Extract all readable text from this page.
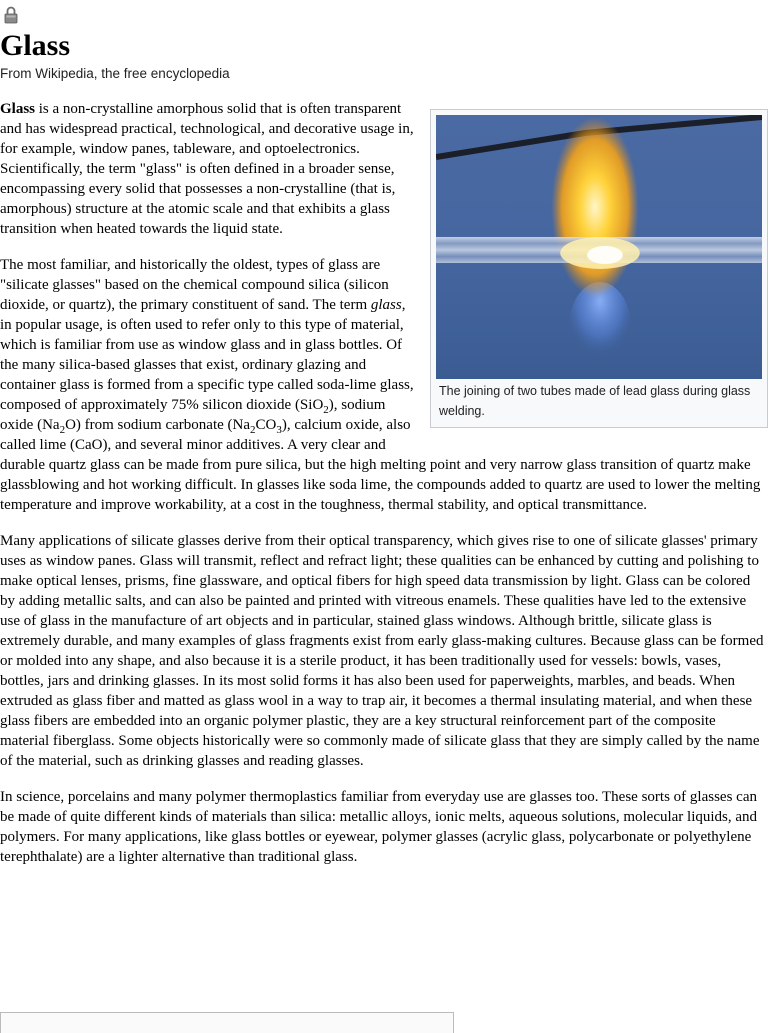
Glass
From Wikipedia, the free encyclopedia
The joining of two tubes made of lead glass during glass welding.

Glass is a non-crystalline amorphous solid that is often transparent and has widespread practical, technological, and decorative usage in, for example, window panes, tableware, and optoelectronics. Scientifically, the term "glass" is often defined in a broader sense, encompassing every solid that possesses a non-crystalline (that is, amorphous) structure at the atomic scale and that exhibits a glass transition when heated towards the liquid state.

The most familiar, and historically the oldest, types of glass are "silicate glasses" based on the chemical compound silica (silicon dioxide, or quartz), the primary constituent of sand. The term glass, in popular usage, is often used to refer only to this type of material, which is familiar from use as window glass and in glass bottles. Of the many silica-based glasses that exist, ordinary glazing and container glass is formed from a specific type called soda-lime glass, composed of approximately 75% silicon dioxide (SiO$_2$), sodium oxide $(Na_2O)$ from sodium carbonate $(Na_2CO_3)$, calcium oxide, also called lime (CaO), and several minor additives. A very clear and durable quartz glass can be made from pure silica, but the high melting point and very narrow glass transition of quartz make glassblowing and hot working difficult. In glasses like soda lime, the compounds added to quartz are used to lower the melting temperature and improve workability, at a cost in the toughness, thermal stability, and optical transmittance.

Many applications of silicate glasses derive from their optical transparency, which gives rise to one of silicate glasses' primary uses as window panes. Glass will transmit, reflect and refract light; these qualities can be enhanced by cutting and polishing to make optical lenses, prisms, fine glassware, and optical fibers for high speed data transmission by light. Glass can be colored by adding metallic salts, and can also be painted and printed with vitreous enamels. These qualities have led to the extensive use of glass in the manufacture of art objects and in particular, stained glass windows. Although brittle, silicate glass is extremely durable, and many examples of glass fragments exist from early glass-making cultures. Because glass can be formed or molded into any shape, and also because it is a sterile product, it has been traditionally used for vessels: bowls, vases, bottles, jars and drinking glasses. In its most solid forms it has also been used for paperweights, marbles, and beads. When extruded as glass fiber and matted as glass wool in a way to trap air, it becomes a thermal insulating material, and when these glass fibers are embedded into an organic polymer plastic, they are a key structural reinforcement part of the composite material fiberglass. Some objects historically were so commonly made of silicate glass that they are simply called by the name of the material, such as drinking glasses and reading glasses.

In science, porcelains and many polymer thermoplastics familiar from everyday use are glasses too. These sorts of glasses can be made of quite different kinds of materials than silica: metallic alloys, ionic melts, aqueous solutions, molecular liquids, and polymers. For many applications, like glass bottles or eyewear, polymer glasses (acrylic glass, polycarbonate or polyethylene terephthalate) are a lighter alternative than traditional glass.
